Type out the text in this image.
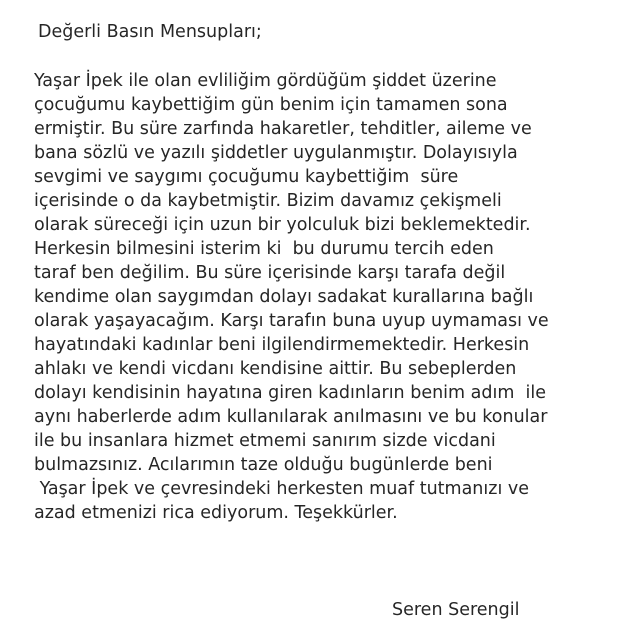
Değerli Basın Mensupları;
Yaşar İpek ile olan evliliğim gördüğüm şiddet üzerine
çocuğumu kaybettiğim gün benim için tamamen sona
ermiştir. Bu süre zarfında hakaretler, tehditler, aileme ve
bana sözlü ve yazılı şiddetler uygulanmıştır. Dolayısıyla
sevgimi ve saygımı çocuğumu kaybettiğim  süre
içerisinde o da kaybetmiştir. Bizim davamız çekişmeli
olarak süreceği için uzun bir yolculuk bizi beklemektedir.
Herkesin bilmesini isterim ki  bu durumu tercih eden
taraf ben değilim. Bu süre içerisinde karşı tarafa değil
kendime olan saygımdan dolayı sadakat kurallarına bağlı
olarak yaşayacağım. Karşı tarafın buna uyup uymaması ve
hayatındaki kadınlar beni ilgilendirmemektedir. Herkesin
ahlakı ve kendi vicdanı kendisine aittir. Bu sebeplerden
dolayı kendisinin hayatına giren kadınların benim adım  ile
aynı haberlerde adım kullanılarak anılmasını ve bu konular
ile bu insanlara hizmet etmemi sanırım sizde vicdani
bulmazsınız. Acılarımın taze olduğu bugünlerde beni
Yaşar İpek ve çevresindeki herkesten muaf tutmanızı ve
azad etmenizi rica ediyorum. Teşekkürler.
Seren Serengil
